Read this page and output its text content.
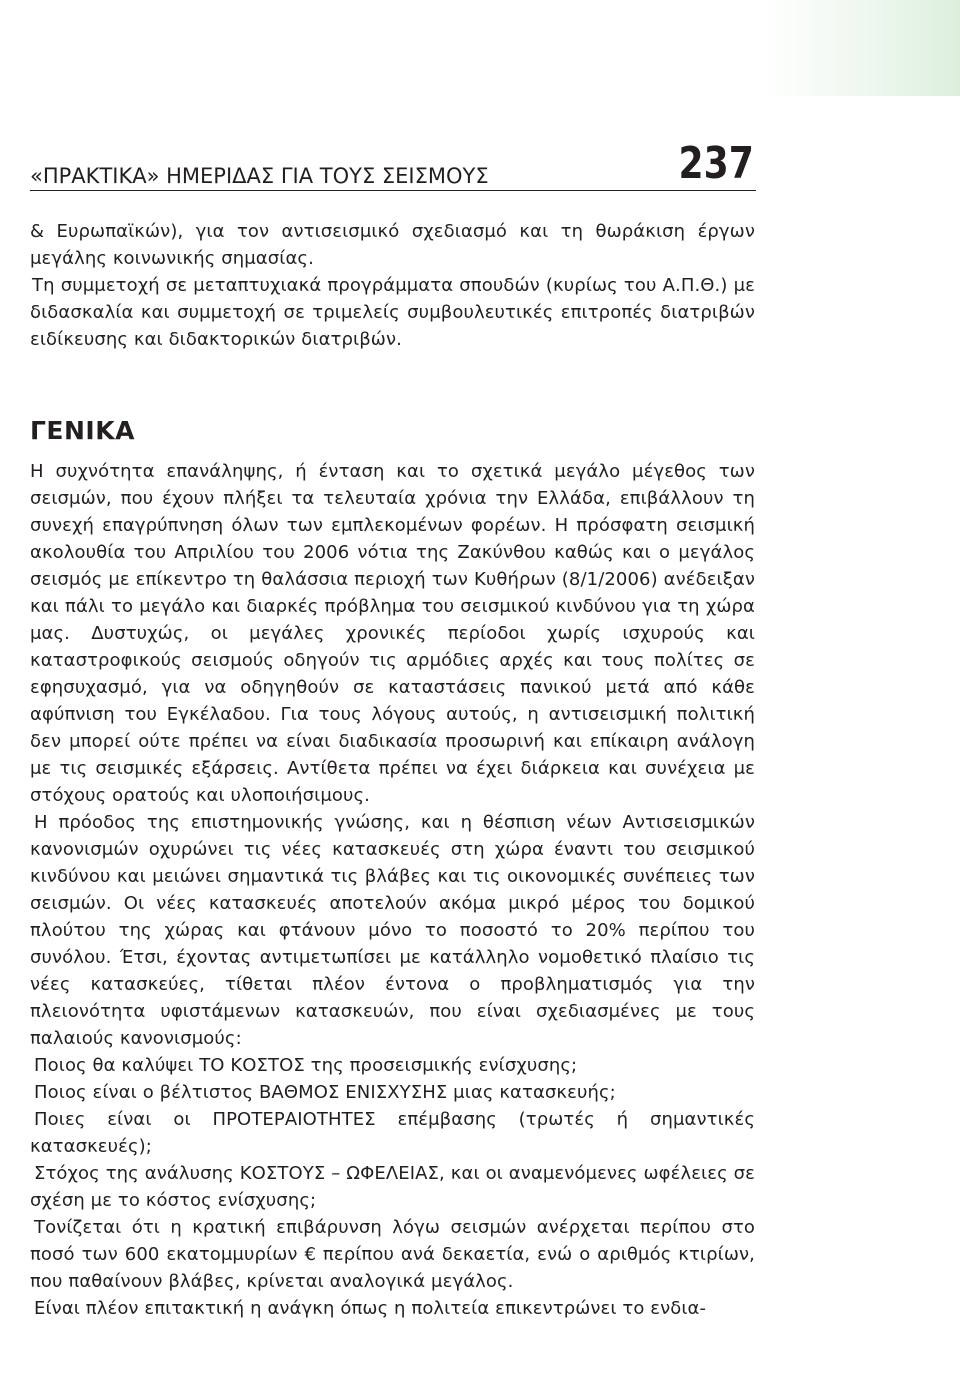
«ΠΡΑΚΤΙΚΑ» ΗΜΕΡΙΔΑΣ ΓΙΑ ΤΟΥΣ ΣΕΙΣΜΟΥΣ	237

& Ευρωπαϊκών), για τον αντισεισμικό σχεδιασμό και τη θωράκιση έργων μεγάλης κοινωνικής σημασίας.

Τη συμμετοχή σε μεταπτυχιακά προγράμματα σπουδών (κυρίως του Α.Π.Θ.) με διδασκαλία και συμμετοχή σε τριμελείς συμβουλευτικές επιτροπές διατριβών ειδίκευσης και διδακτορικών διατριβών.

ΓΕΝΙΚΑ

Η συχνότητα επανάληψης, ή ένταση και το σχετικά μεγάλο μέγεθος των σεισμών, που έχουν πλήξει τα τελευταία χρόνια την Ελλάδα, επιβάλλουν τη συνεχή επαγρύπνηση όλων των εμπλεκομένων φορέων. Η πρόσφατη σεισμική ακολουθία του Απριλίου του 2006 νότια της Ζακύνθου καθώς και ο μεγάλος σεισμός με επίκεντρο τη θαλάσσια περιοχή των Κυθήρων (8/1/2006) ανέδειξαν και πάλι το μεγάλο και διαρκές πρόβλημα του σεισμικού κινδύνου για τη χώρα μας. Δυστυχώς, οι μεγάλες χρονικές περίοδοι χωρίς ισχυρούς και καταστροφικούς σεισμούς οδηγούν τις αρμόδιες αρχές και τους πολίτες σε εφησυχασμό, για να οδηγηθούν σε καταστάσεις πανικού μετά από κάθε αφύπνιση του Εγκέλαδου. Για τους λόγους αυτούς, η αντισεισμική πολιτική δεν μπορεί ούτε πρέπει να είναι διαδικασία προσωρινή και επίκαιρη ανάλογη με τις σεισμικές εξάρσεις. Αντίθετα πρέπει να έχει διάρκεια και συνέχεια με στόχους ορατούς και υλοποιήσιμους.

Η πρόοδος της επιστημονικής γνώσης, και η θέσπιση νέων Αντισεισμικών κανονισμών οχυρώνει τις νέες κατασκευές στη χώρα έναντι του σεισμικού κινδύνου και μειώνει σημαντικά τις βλάβες και τις οικονομικές συνέπειες των σεισμών. Οι νέες κατασκευές αποτελούν ακόμα μικρό μέρος του δομικού πλούτου της χώρας και φτάνουν μόνο το ποσοστό το 20% περίπου του συνόλου. Έτσι, έχοντας αντιμετωπίσει με κατάλληλο νομοθετικό πλαίσιο τις νέες κατασκεύες, τίθεται πλέον έντονα ο προβληματισμός για την πλειονότητα υφιστάμενων κατασκευών, που είναι σχεδιασμένες με τους παλαιούς κανονισμούς:

Ποιος θα καλύψει ΤΟ ΚΟΣΤΟΣ της προσεισμικής ενίσχυσης;

Ποιος είναι ο βέλτιστος ΒΑΘΜΟΣ ΕΝΙΣΧΥΣΗΣ μιας κατασκευής;

Ποιες είναι οι ΠΡΟΤΕΡΑΙΟΤΗΤΕΣ επέμβασης (τρωτές ή σημαντικές κατασκευές);

Στόχος της ανάλυσης ΚΟΣΤΟΥΣ – ΩΦΕΛΕΙΑΣ, και οι αναμενόμενες ωφέλειες σε σχέση με το κόστος ενίσχυσης;

Τονίζεται ότι η κρατική επιβάρυνση λόγω σεισμών ανέρχεται περίπου στο ποσό των 600 εκατομμυρίων € περίπου ανά δεκαετία, ενώ ο αριθμός κτιρίων, που παθαίνουν βλάβες, κρίνεται αναλογικά μεγάλος.

Είναι πλέον επιτακτική η ανάγκη όπως η πολιτεία επικεντρώνει το ενδια-
